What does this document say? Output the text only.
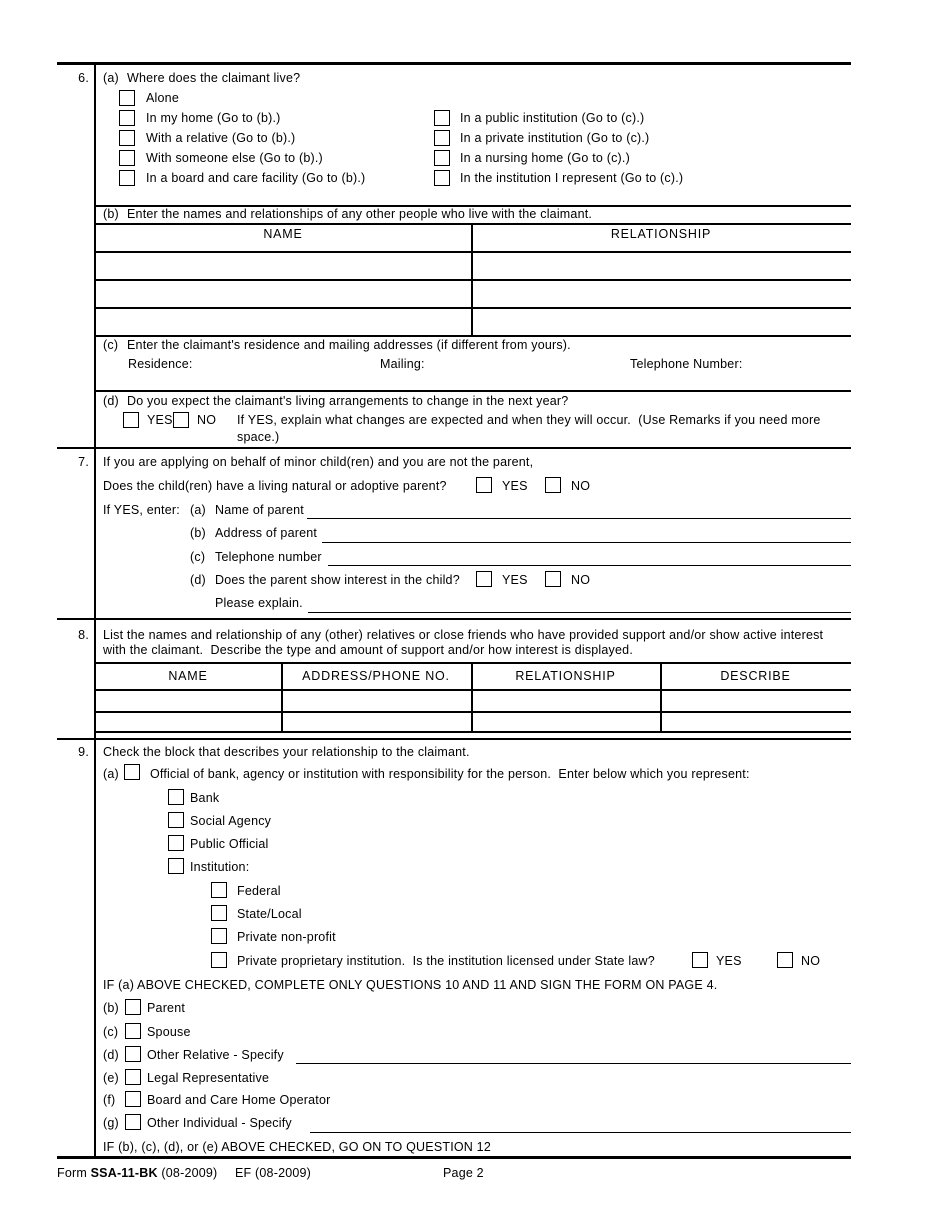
6. (a) Where does the claimant live?
Alone
In my home (Go to (b).)
With a relative (Go to (b).)
With someone else (Go to (b).)
In a board and care facility (Go to (b).)
In a public institution (Go to (c).)
In a private institution (Go to (c).)
In a nursing home (Go to (c).)
In the institution I represent (Go to (c).)
(b) Enter the names and relationships of any other people who live with the claimant.
NAME	RELATIONSHIP
(c) Enter the claimant's residence and mailing addresses (if different from yours).
Residence:	Mailing:	Telephone Number:
(d) Do you expect the claimant's living arrangements to change in the next year?
YES NO If YES, explain what changes are expected and when they will occur.  (Use Remarks if you need more
space.)
7. If you are applying on behalf of minor child(ren) and you are not the parent,
Does the child(ren) have a living natural or adoptive parent?	YES	NO
If YES, enter: (a) Name of parent
(b) Address of parent
(c) Telephone number
(d) Does the parent show interest in the child?	YES	NO
Please explain.
8. List the names and relationship of any (other) relatives or close friends who have provided support and/or show active interest
with the claimant.  Describe the type and amount of support and/or how interest is displayed.
NAME	ADDRESS/PHONE NO.	RELATIONSHIP	DESCRIBE
9. Check the block that describes your relationship to the claimant.
(a) Official of bank, agency or institution with responsibility for the person.  Enter below which you represent:
Bank
Social Agency
Public Official
Institution:
Federal
State/Local
Private non-profit
Private proprietary institution.  Is the institution licensed under State law?	YES	NO
IF (a) ABOVE CHECKED, COMPLETE ONLY QUESTIONS 10 AND 11 AND SIGN THE FORM ON PAGE 4.
(b) Parent
(c) Spouse
(d) Other Relative - Specify
(e) Legal Representative
(f)	Board and Care Home Operator
(g) Other Individual - Specify
IF (b), (c), (d), or (e) ABOVE CHECKED, GO ON TO QUESTION 12
Form SSA-11-BK (08-2009) EF (08-2009)	Page 2
